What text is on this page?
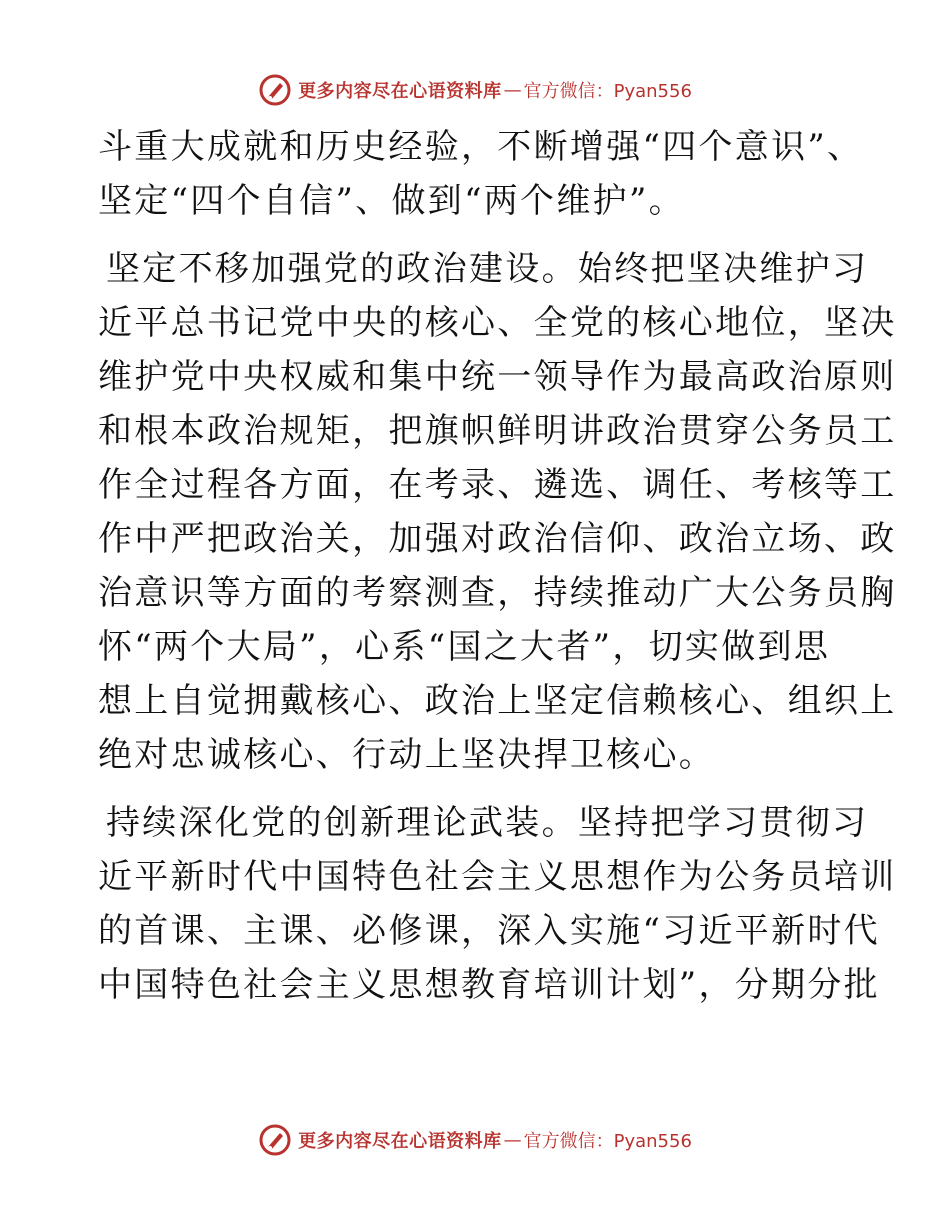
更多内容尽在心语资料库 — 官方微信：Pyan556
斗重大成就和历史经验，不断增强“四个意识”、
坚定“四个自信”、做到“两个维护”。
坚定不移加强党的政治建设。始终把坚决维护习
近平总书记党中央的核心、全党的核心地位，坚决
维护党中央权威和集中统一领导作为最高政治原则
和根本政治规矩，把旗帜鲜明讲政治贯穿公务员工
作全过程各方面，在考录、遴选、调任、考核等工
作中严把政治关，加强对政治信仰、政治立场、政
治意识等方面的考察测查，持续推动广大公务员胸
怀“两个大局”，心系“国之大者”，切实做到思
想上自觉拥戴核心、政治上坚定信赖核心、组织上
绝对忠诚核心、行动上坚决捍卫核心。
持续深化党的创新理论武装。坚持把学习贯彻习
近平新时代中国特色社会主义思想作为公务员培训
的首课、主课、必修课，深入实施“习近平新时代
中国特色社会主义思想教育培训计划”，分期分批
更多内容尽在心语资料库 — 官方微信：Pyan556
